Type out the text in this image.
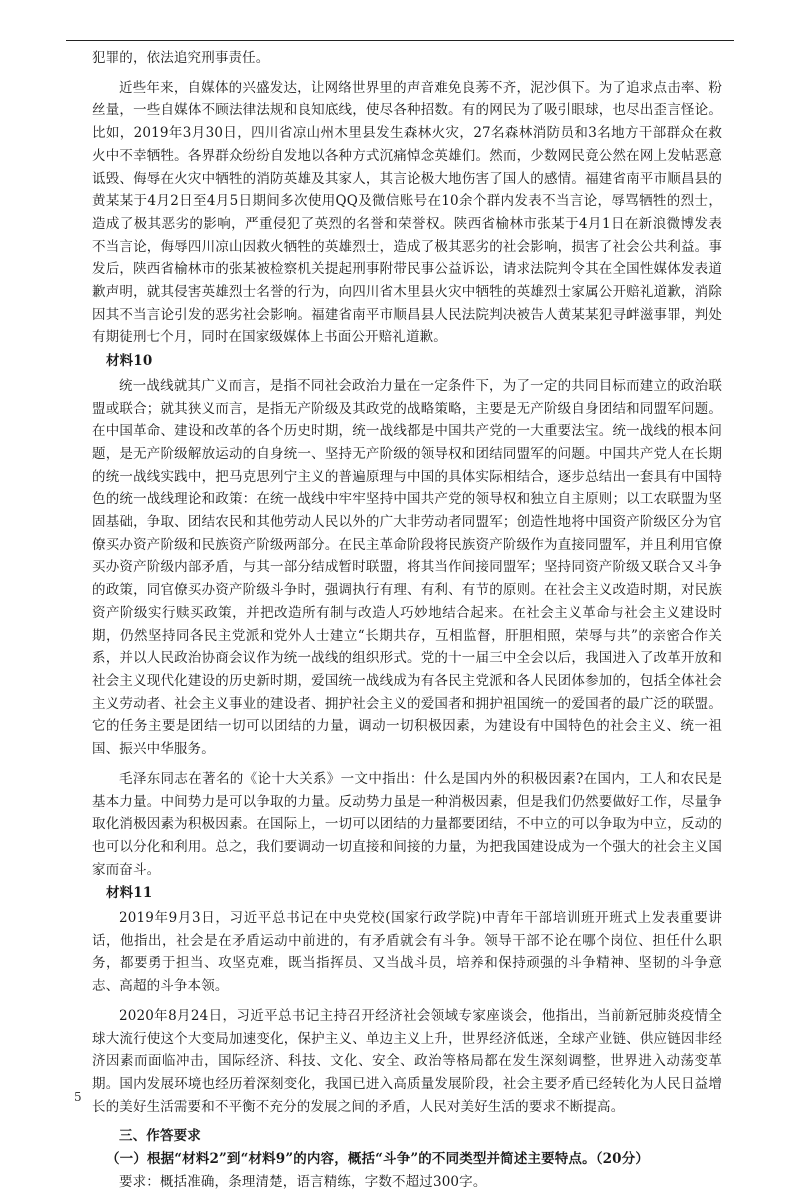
犯罪的，依法追究刑事责任。

近些年来，自媒体的兴盛发达，让网络世界里的声音难免良莠不齐，泥沙俱下。为了追求点击率、粉丝量，一些自媒体不顾法律法规和良知底线，使尽各种招数。有的网民为了吸引眼球，也尽出歪言怪论。比如，2019年3月30日，四川省凉山州木里县发生森林火灾，27名森林消防员和3名地方干部群众在救火中不幸牺牲。各界群众纷纷自发地以各种方式沉痛悼念英雄们。然而，少数网民竟公然在网上发帖恶意诋毁、侮辱在火灾中牺牲的消防英雄及其家人，其言论极大地伤害了国人的感情。福建省南平市顺昌县的黄某某于4月2日至4月5日期间多次使用QQ及微信账号在10余个群内发表不当言论，辱骂牺牲的烈士，造成了极其恶劣的影响，严重侵犯了英烈的名誉和荣誉权。陕西省榆林市张某于4月1日在新浪微博发表不当言论，侮辱四川凉山因救火牺牲的英雄烈士，造成了极其恶劣的社会影响，损害了社会公共利益。事发后，陕西省榆林市的张某被检察机关提起刑事附带民事公益诉讼，请求法院判令其在全国性媒体发表道歉声明，就其侵害英雄烈士名誉的行为，向四川省木里县火灾中牺牲的英雄烈士家属公开赔礼道歉，消除因其不当言论引发的恶劣社会影响。福建省南平市顺昌县人民法院判决被告人黄某某犯寻衅滋事罪，判处有期徒刑七个月，同时在国家级媒体上书面公开赔礼道歉。

材料10

统一战线就其广义而言，是指不同社会政治力量在一定条件下，为了一定的共同目标而建立的政治联盟或联合；就其狭义而言，是指无产阶级及其政党的战略策略，主要是无产阶级自身团结和同盟军问题。在中国革命、建设和改革的各个历史时期，统一战线都是中国共产党的一大重要法宝。统一战线的根本问题，是无产阶级解放运动的自身统一、坚持无产阶级的领导权和团结同盟军的问题。中国共产党人在长期的统一战线实践中，把马克思列宁主义的普遍原理与中国的具体实际相结合，逐步总结出一套具有中国特色的统一战线理论和政策：在统一战线中牢牢坚持中国共产党的领导权和独立自主原则；以工农联盟为坚固基础，争取、团结农民和其他劳动人民以外的广大非劳动者同盟军；创造性地将中国资产阶级区分为官僚买办资产阶级和民族资产阶级两部分。在民主革命阶段将民族资产阶级作为直接同盟军，并且利用官僚买办资产阶级内部矛盾，与其一部分结成暂时联盟，将其当作间接同盟军；坚持同资产阶级又联合又斗争的政策，同官僚买办资产阶级斗争时，强调执行有理、有利、有节的原则。在社会主义改造时期，对民族资产阶级实行赎买政策，并把改造所有制与改造人巧妙地结合起来。在社会主义革命与社会主义建设时期，仍然坚持同各民主党派和党外人士建立“长期共存，互相监督，肝胆相照，荣辱与共”的亲密合作关系，并以人民政治协商会议作为统一战线的组织形式。党的十一届三中全会以后，我国进入了改革开放和社会主义现代化建设的历史新时期，爱国统一战线成为有各民主党派和各人民团体参加的，包括全体社会主义劳动者、社会主义事业的建设者、拥护社会主义的爱国者和拥护祖国统一的爱国者的最广泛的联盟。它的任务主要是团结一切可以团结的力量，调动一切积极因素，为建设有中国特色的社会主义、统一祖国、振兴中华服务。

毛泽东同志在著名的《论十大关系》一文中指出：什么是国内外的积极因素?在国内，工人和农民是基本力量。中间势力是可以争取的力量。反动势力虽是一种消极因素，但是我们仍然要做好工作，尽量争取化消极因素为积极因素。在国际上，一切可以团结的力量都要团结，不中立的可以争取为中立，反动的也可以分化和利用。总之，我们要调动一切直接和间接的力量，为把我国建设成为一个强大的社会主义国家而奋斗。

材料11

2019年9月3日，习近平总书记在中央党校(国家行政学院)中青年干部培训班开班式上发表重要讲话，他指出，社会是在矛盾运动中前进的，有矛盾就会有斗争。领导干部不论在哪个岗位、担任什么职务，都要勇于担当、攻坚克难，既当指挥员、又当战斗员，培养和保持顽强的斗争精神、坚韧的斗争意志、高超的斗争本领。

2020年8月24日，习近平总书记主持召开经济社会领域专家座谈会，他指出，当前新冠肺炎疫情全球大流行使这个大变局加速变化，保护主义、单边主义上升，世界经济低迷，全球产业链、供应链因非经济因素而面临冲击，国际经济、科技、文化、安全、政治等格局都在发生深刻调整，世界进入动荡变革期。国内发展环境也经历着深刻变化，我国已进入高质量发展阶段，社会主要矛盾已经转化为人民日益增长的美好生活需要和不平衡不充分的发展之间的矛盾，人民对美好生活的要求不断提高。

三、作答要求

（一）根据“材料2”到“材料9”的内容，概括“斗争”的不同类型并简述主要特点。（20分）

要求：概括准确，条理清楚，语言精练，字数不超过300字。

5
